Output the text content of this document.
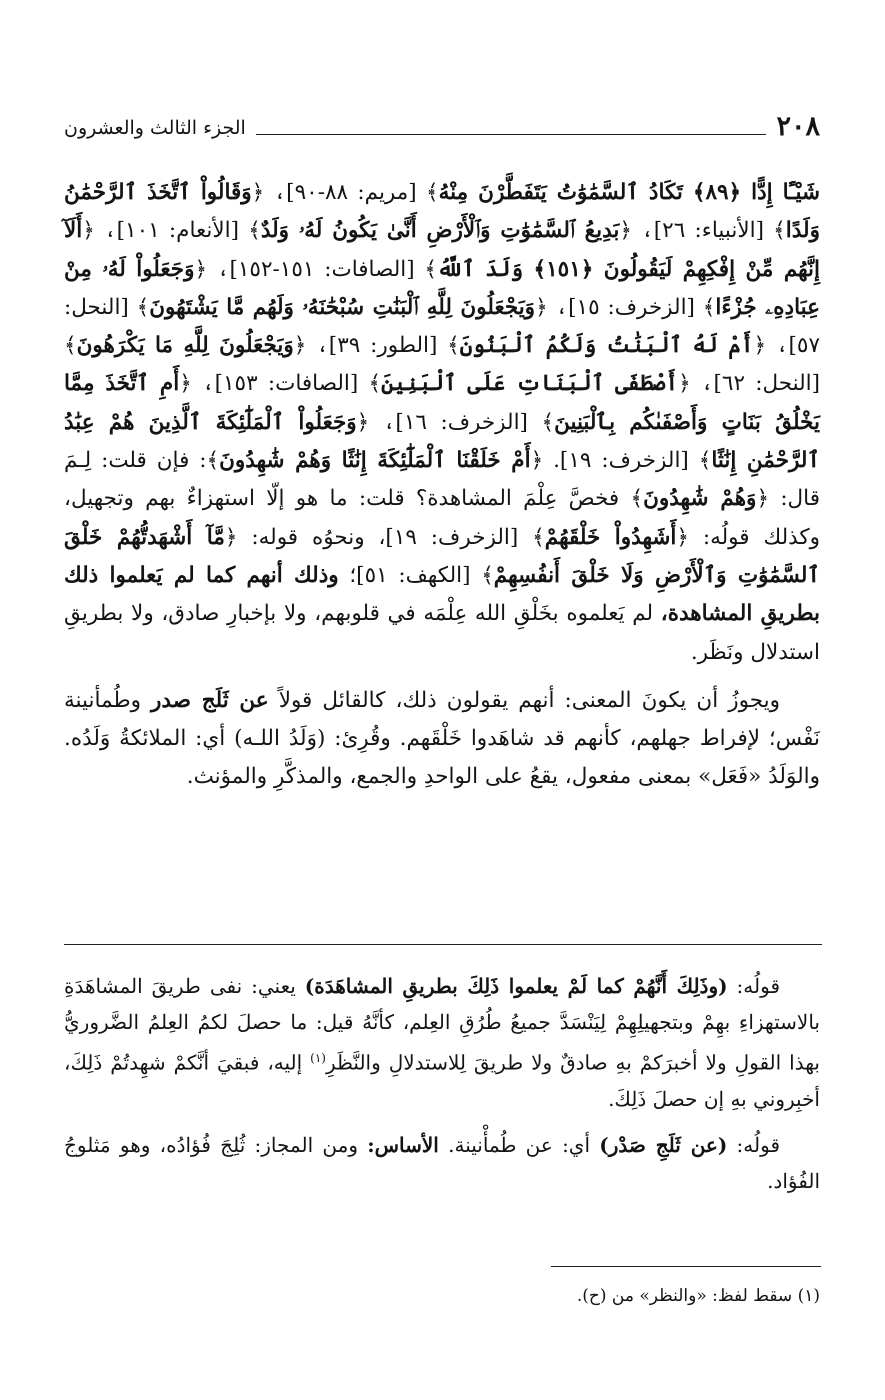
٢٠٨
الجزء الثالث والعشرون

شَيْـًٔا إِدًّا ﴿٨٩﴾ تَكَادُ ٱلسَّمَٰوَٰتُ يَتَفَطَّرْنَ مِنْهُ﴾ [مريم: ٨٨-٩٠]، ﴿وَقَالُواْ ٱتَّخَذَ ٱلرَّحْمَٰنُ وَلَدًا﴾ [الأنبياء: ٢٦]، ﴿بَدِيعُ ٱلسَّمَٰوَٰتِ وَٱلْأَرْضِ أَنَّىٰ يَكُونُ لَهُۥ وَلَدٌ﴾ [الأنعام: ١٠١]، ﴿أَلَآ إِنَّهُم مِّنْ إِفْكِهِمْ لَيَقُولُونَ ﴿١٥١﴾ وَلَدَ ٱللَّهُ﴾ [الصافات: ١٥١-١٥٢]، ﴿وَجَعَلُواْ لَهُۥ مِنْ عِبَادِهِۦ جُزْءًا﴾ [الزخرف: ١٥]، ﴿وَيَجْعَلُونَ لِلَّهِ ٱلْبَنَٰتِ سُبْحَٰنَهُۥ وَلَهُم مَّا يَشْتَهُونَ﴾ [النحل: ٥٧]، ﴿أَمْ لَهُ ٱلْبَنَٰتُ وَلَكُمُ ٱلْبَنُونَ﴾ [الطور: ٣٩]، ﴿وَيَجْعَلُونَ لِلَّهِ مَا يَكْرَهُونَ﴾ [النحل: ٦٢]، ﴿أَصْطَفَى ٱلْبَنَاتِ عَلَى ٱلْبَنِينَ﴾ [الصافات: ١٥٣]، ﴿أَمِ ٱتَّخَذَ مِمَّا يَخْلُقُ بَنَاتٍ وَأَصْفَىٰكُم بِٱلْبَنِينَ﴾ [الزخرف: ١٦]، ﴿وَجَعَلُواْ ٱلْمَلَٰٓئِكَةَ ٱلَّذِينَ هُمْ عِبَٰدُ ٱلرَّحْمَٰنِ إِنَٰثًا﴾ [الزخرف: ١٩]. ﴿أَمْ خَلَقْنَا ٱلْمَلَٰٓئِكَةَ إِنَٰثًا وَهُمْ شَٰهِدُونَ﴾: فإن قلت: لِـمَ قال: ﴿وَهُمْ شَٰهِدُونَ﴾ فخصَّ عِلْمَ المشاهدة؟ قلت: ما هو إلّا استهزاءٌ بهم وتجهيل، وكذلك قولُه: ﴿أَشَهِدُواْ خَلْقَهُمْ﴾ [الزخرف: ١٩]، ونحوُه قوله: ﴿مَّآ أَشْهَدتُّهُمْ خَلْقَ ٱلسَّمَٰوَٰتِ وَٱلْأَرْضِ وَلَا خَلْقَ أَنفُسِهِمْ﴾ [الكهف: ٥١]؛ وذلك أنهم كما لم يَعلموا ذلك بطريقِ المشاهدة، لم يَعلموه بخَلْقِ الله عِلْمَه في قلوبهم، ولا بإخبارِ صادق، ولا بطريقِ استدلال ونَظَر.

ويجوزُ أن يكونَ المعنى: أنهم يقولون ذلك، كالقائل قولاً عن ثَلَج صدر وطُمأنينة نَفْس؛ لإفراط جهلهم، كأنهم قد شاهَدوا خَلْقَهم. وقُرِئ: (وَلَدُ اللـه) أي: الملائكةُ وَلَدُه. والوَلَدُ «فَعَل» بمعنى مفعول، يقعُ على الواحدِ والجمع، والمذكَّرِ والمؤنث.

قولُه: (وذَلِكَ أَنَّهُمْ كما لَمْ يعلموا ذَلِكَ بطريقِ المشاهَدَة) يعني: نفى طريقَ المشاهَدَةِ بالاستهزاءِ بهِمْ وبتجهيلِهِمْ لِيَنْسَدَّ جميعُ طُرُقِ العِلم، كأنَّهُ قيل: ما حصلَ لكمُ العِلمُ الضَّروريُّ بهذا القولِ ولا أخبرَكمْ بهِ صادقٌ ولا طريقَ لِلاستدلالِ والنَّظَرِ$^{(١)}$ إليه، فبقيَ أنَّكمْ شهِدتُمْ ذَلِكَ، أخبِروني بهِ إن حصلَ ذَلِكَ.

قولُه: (عن ثَلَجِ صَدْر) أي: عن طُمأْنينة. الأساس: ومن المجاز: ثُلِجَ فُؤادُه، وهو مَثلوجُ الفُؤاد.

(١) سقط لفظ: «والنظر» من (ح).
